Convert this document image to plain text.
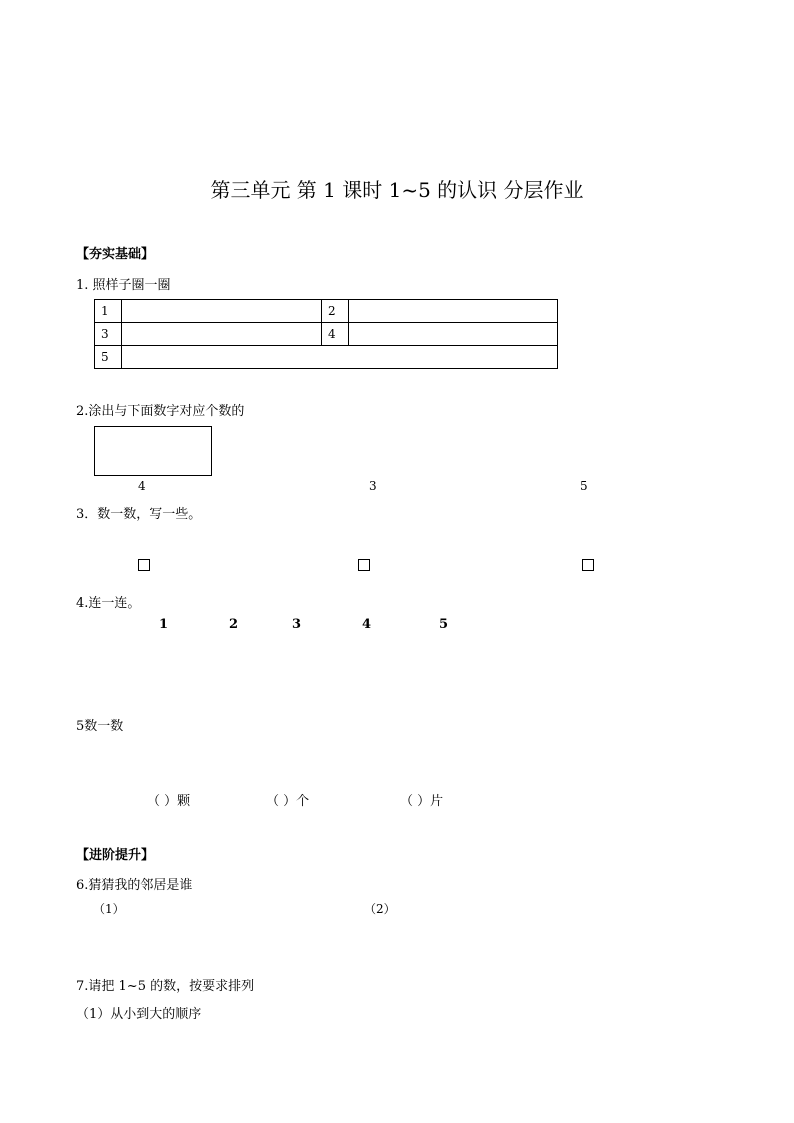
第三单元 第 1 课时 1~5 的认识 分层作业
【夯实基础】
1. 照样子圈一圈
1		2	
3		4	
5			
2.涂出与下面数字对应个数的
4	3	5
3．数一数，写一些。
4.连一连。
1	2	3	4	5
5数一数
（ ）颗	（ ）个	（ ）片
【进阶提升】
6.猜猜我的邻居是谁
（1）	（2）
7.请把 1~5 的数，按要求排列
（1）从小到大的顺序
